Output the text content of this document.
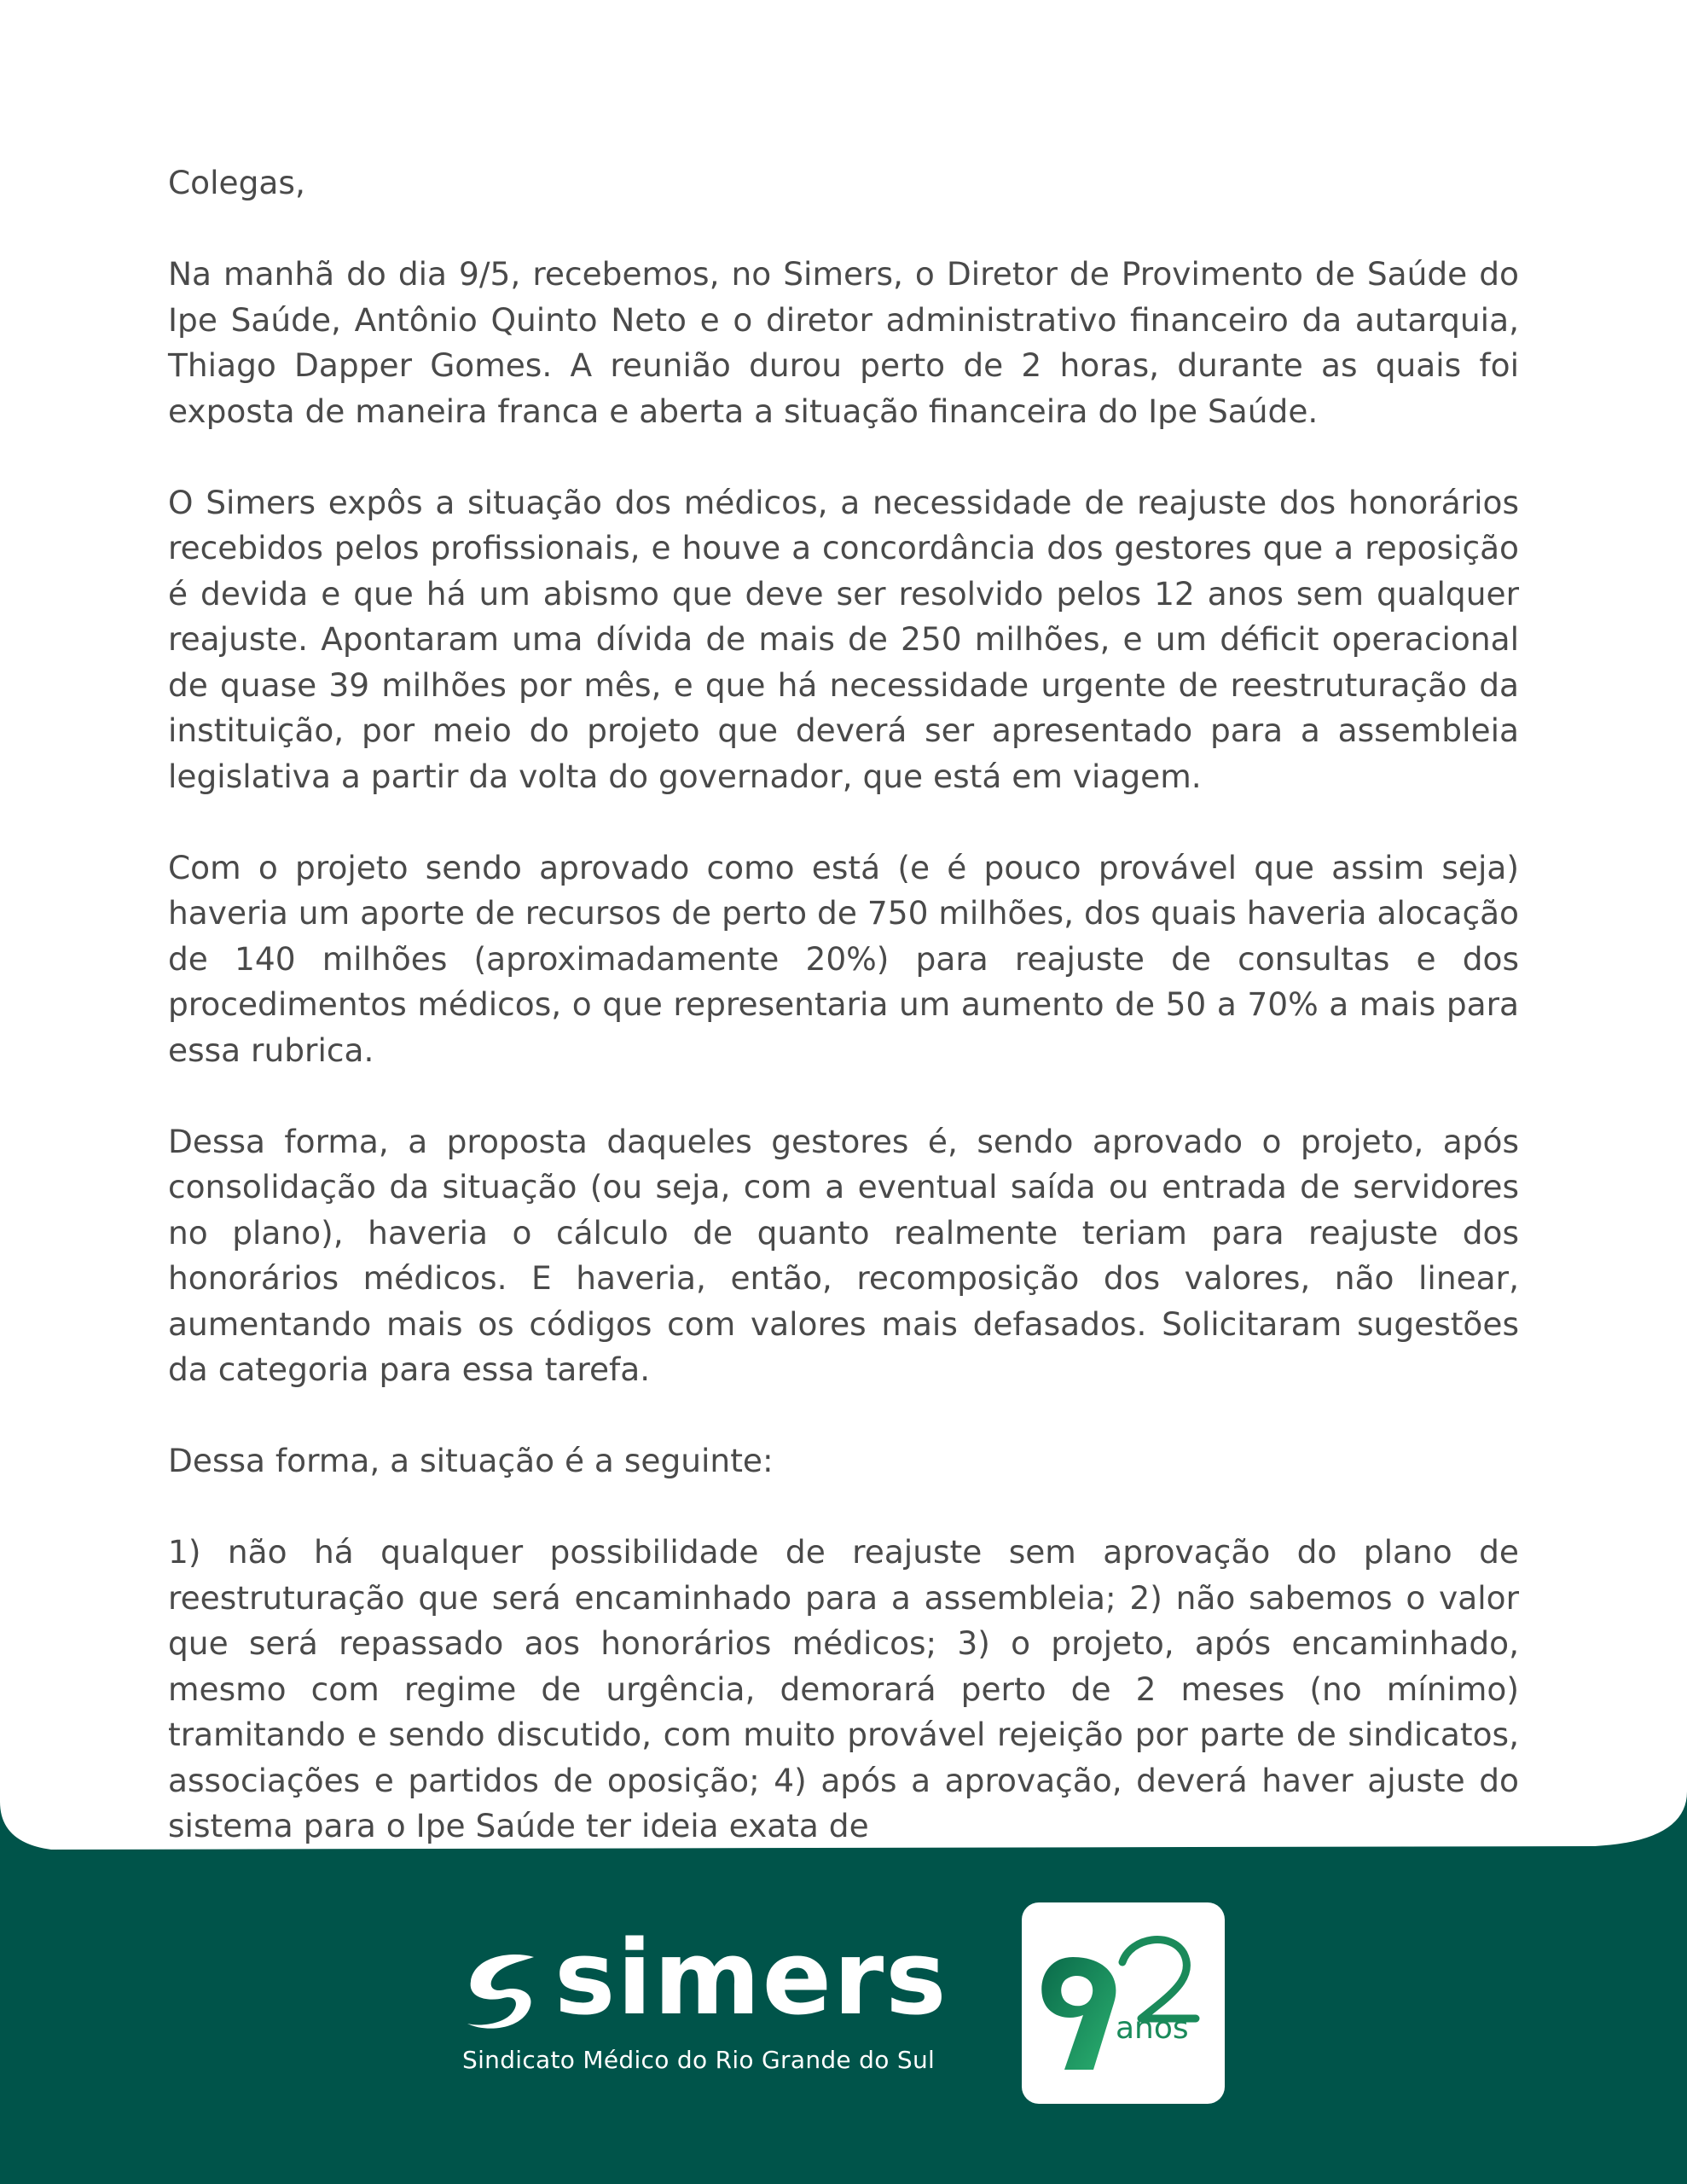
Colegas,

Na manhã do dia 9/5, recebemos, no Simers, o Diretor de Provimento de Saúde do Ipe Saúde, Antônio Quinto Neto e o diretor administrativo financeiro da autarquia, Thiago Dapper Gomes. A reunião durou perto de 2 horas, durante as quais foi exposta de maneira franca e aberta a situação financeira do Ipe Saúde.

O Simers expôs a situação dos médicos, a necessidade de reajuste dos honorários recebidos pelos profissionais, e houve a concordância dos gestores que a reposição é devida e que há um abismo que deve ser resolvido pelos 12 anos sem qualquer reajuste. Apontaram uma dívida de mais de 250 milhões, e um déficit operacional de quase 39 milhões por mês, e que há necessidade urgente de reestruturação da instituição, por meio do projeto que deverá ser apresentado para a assembleia legislativa a partir da volta do governador, que está em viagem.

Com o projeto sendo aprovado como está (e é pouco provável que assim seja) haveria um aporte de recursos de perto de 750 milhões, dos quais haveria alocação de 140 milhões (aproximadamente 20%) para reajuste de consultas e dos procedimentos médicos, o que representaria um aumento de 50 a 70% a mais para essa rubrica.

Dessa forma, a proposta daqueles gestores é, sendo aprovado o projeto, após consolidação da situação (ou seja, com a eventual saída ou entrada de servidores no plano), haveria o cálculo de quanto realmente teriam para reajuste dos honorários médicos. E haveria, então, recomposição dos valores, não linear, aumentando mais os códigos com valores mais defasados. Solicitaram sugestões da categoria para essa tarefa.

Dessa forma, a situação é a seguinte:

1) não há qualquer possibilidade de reajuste sem aprovação do plano de reestruturação que será encaminhado para a assembleia; 2) não sabemos o valor que será repassado aos honorários médicos; 3) o projeto, após encaminhado, mesmo com regime de urgência, demorará perto de 2 meses (no mínimo) tramitando e sendo discutido, com muito provável rejeição por parte de sindicatos, associações e partidos de oposição; 4) após a aprovação, deverá haver ajuste do sistema para o Ipe Saúde ter ideia exata de

simers
Sindicato Médico do Rio Grande do Sul
anos
